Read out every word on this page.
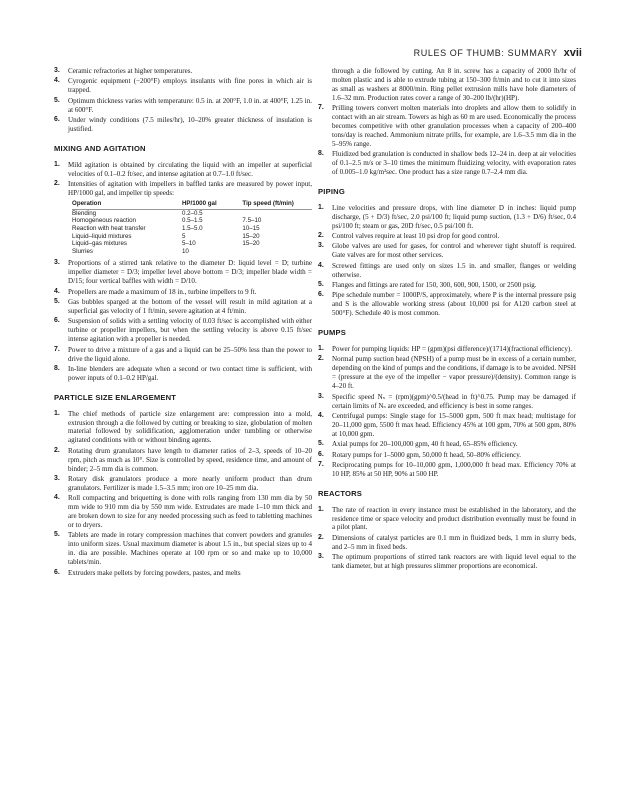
RULES OF THUMB: SUMMARY xvii
3. Ceramic refractories at higher temperatures.
4. Cyrogenic equipment (−200°F) employs insulants with fine pores in which air is trapped.
5. Optimum thickness varies with temperature: 0.5 in. at 200°F, 1.0 in. at 400°F, 1.25 in. at 600°F.
6. Under windy conditions (7.5 miles/hr), 10–20% greater thickness of insulation is justified.
MIXING AND AGITATION
1. Mild agitation is obtained by circulating the liquid with an impeller at superficial velocities of 0.1–0.2 ft/sec, and intense agitation at 0.7–1.0 ft/sec.
2. Intensities of agitation with impellers in baffled tanks are measured by power input, HP/1000 gal, and impeller tip speeds:
Operation	HP/1000 gal	Tip speed (ft/min)
Blending	0.2–0.5	
Homogeneous reaction	0.5–1.5	7.5–10
Reaction with heat transfer	1.5–5.0	10–15
Liquid–liquid mixtures	5	15–20
Liquid–gas mixtures	5–10	15–20
Slurries	10	
3. Proportions of a stirred tank relative to the diameter D: liquid level = D; turbine impeller diameter = D/3; impeller level above bottom = D/3; impeller blade width = D/15; four vertical baffles with width = D/10.
4. Propellers are made a maximum of 18 in., turbine impellers to 9 ft.
5. Gas bubbles sparged at the bottom of the vessel will result in mild agitation at a superficial gas velocity of 1 ft/min, severe agitation at 4 ft/min.
6. Suspension of solids with a settling velocity of 0.03 ft/sec is accomplished with either turbine or propeller impellers, but when the settling velocity is above 0.15 ft/sec intense agitation with a propeller is needed.
7. Power to drive a mixture of a gas and a liquid can be 25–50% less than the power to drive the liquid alone.
8. In-line blenders are adequate when a second or two contact time is sufficient, with power inputs of 0.1–0.2 HP/gal.
PARTICLE SIZE ENLARGEMENT
1. The chief methods of particle size enlargement are: compression into a mold, extrusion through a die followed by cutting or breaking to size, globulation of molten material followed by solidification, agglomeration under tumbling or otherwise agitated conditions with or without binding agents.
2. Rotating drum granulators have length to diameter ratios of 2–3, speeds of 10–20 rpm, pitch as much as 10°. Size is controlled by speed, residence time, and amount of binder; 2–5 mm dia is common.
3. Rotary disk granulators produce a more nearly uniform product than drum granulators. Fertilizer is made 1.5–3.5 mm; iron ore 10–25 mm dia.
4. Roll compacting and briquetting is done with rolls ranging from 130 mm dia by 50 mm wide to 910 mm dia by 550 mm wide. Extrudates are made 1–10 mm thick and are broken down to size for any needed processing such as feed to tabletting machines or to dryers.
5. Tablets are made in rotary compression machines that convert powders and granules into uniform sizes. Usual maximum diameter is about 1.5 in., but special sizes up to 4 in. dia are possible. Machines operate at 100 rpm or so and make up to 10,000 tablets/min.
6. Extruders make pellets by forcing powders, pastes, and melts
through a die followed by cutting. An 8 in. screw has a capacity of 2000 lb/hr of molten plastic and is able to extrude tubing at 150–300 ft/min and to cut it into sizes as small as washers at 8000/min. Ring pellet extrusion mills have hole diameters of 1.6–32 mm. Production rates cover a range of 30–200 lb/(hr)(HP).
7. Prilling towers convert molten materials into droplets and allow them to solidify in contact with an air stream. Towers as high as 60 m are used. Economically the process becomes competitive with other granulation processes when a capacity of 200–400 tons/day is reached. Ammonium nitrate prills, for example, are 1.6–3.5 mm dia in the 5–95% range.
8. Fluidized bed granulation is conducted in shallow beds 12–24 in. deep at air velocities of 0.1–2.5 m/s or 3–10 times the minimum fluidizing velocity, with evaporation rates of 0.005–1.0 kg/m²sec. One product has a size range 0.7–2.4 mm dia.
PIPING
1. Line velocities and pressure drops, with line diameter D in inches: liquid pump discharge, (5 + D/3) ft/sec, 2.0 psi/100 ft; liquid pump suction, (1.3 + D/6) ft/sec, 0.4 psi/100 ft; steam or gas, 20D ft/sec, 0.5 psi/100 ft.
2. Control valves require at least 10 psi drop for good control.
3. Globe valves are used for gases, for control and wherever tight shutoff is required. Gate valves are for most other services.
4. Screwed fittings are used only on sizes 1.5 in. and smaller, flanges or welding otherwise.
5. Flanges and fittings are rated for 150, 300, 600, 900, 1500, or 2500 psig.
6. Pipe schedule number = 1000P/S, approximately, where P is the internal pressure psig and S is the allowable working stress (about 10,000 psi for A120 carbon steel at 500°F). Schedule 40 is most common.
PUMPS
1. Power for pumping liquids: HP = (gpm)(psi difference)/(1714)(fractional efficiency).
2. Normal pump suction head (NPSH) of a pump must be in excess of a certain number, depending on the kind of pumps and the conditions, if damage is to be avoided. NPSH = (pressure at the eye of the impeller − vapor pressure)/(density). Common range is 4–20 ft.
3. Specific speed Nₛ = (rpm)(gpm)^0.5/(head in ft)^0.75. Pump may be damaged if certain limits of Nₛ are exceeded, and efficiency is best in some ranges.
4. Centrifugal pumps: Single stage for 15–5000 gpm, 500 ft max head; multistage for 20–11,000 gpm, 5500 ft max head. Efficiency 45% at 100 gpm, 70% at 500 gpm, 80% at 10,000 gpm.
5. Axial pumps for 20–100,000 gpm, 40 ft head, 65–85% efficiency.
6. Rotary pumps for 1–5000 gpm, 50,000 ft head, 50–80% efficiency.
7. Reciprocating pumps for 10–10,000 gpm, 1,000,000 ft head max. Efficiency 70% at 10 HP, 85% at 50 HP, 90% at 500 HP.
REACTORS
1. The rate of reaction in every instance must be established in the laboratory, and the residence time or space velocity and product distribution eventually must be found in a pilot plant.
2. Dimensions of catalyst particles are 0.1 mm in fluidized beds, 1 mm in slurry beds, and 2–5 mm in fixed beds.
3. The optimum proportions of stirred tank reactors are with liquid level equal to the tank diameter, but at high pressures slimmer proportions are economical.
